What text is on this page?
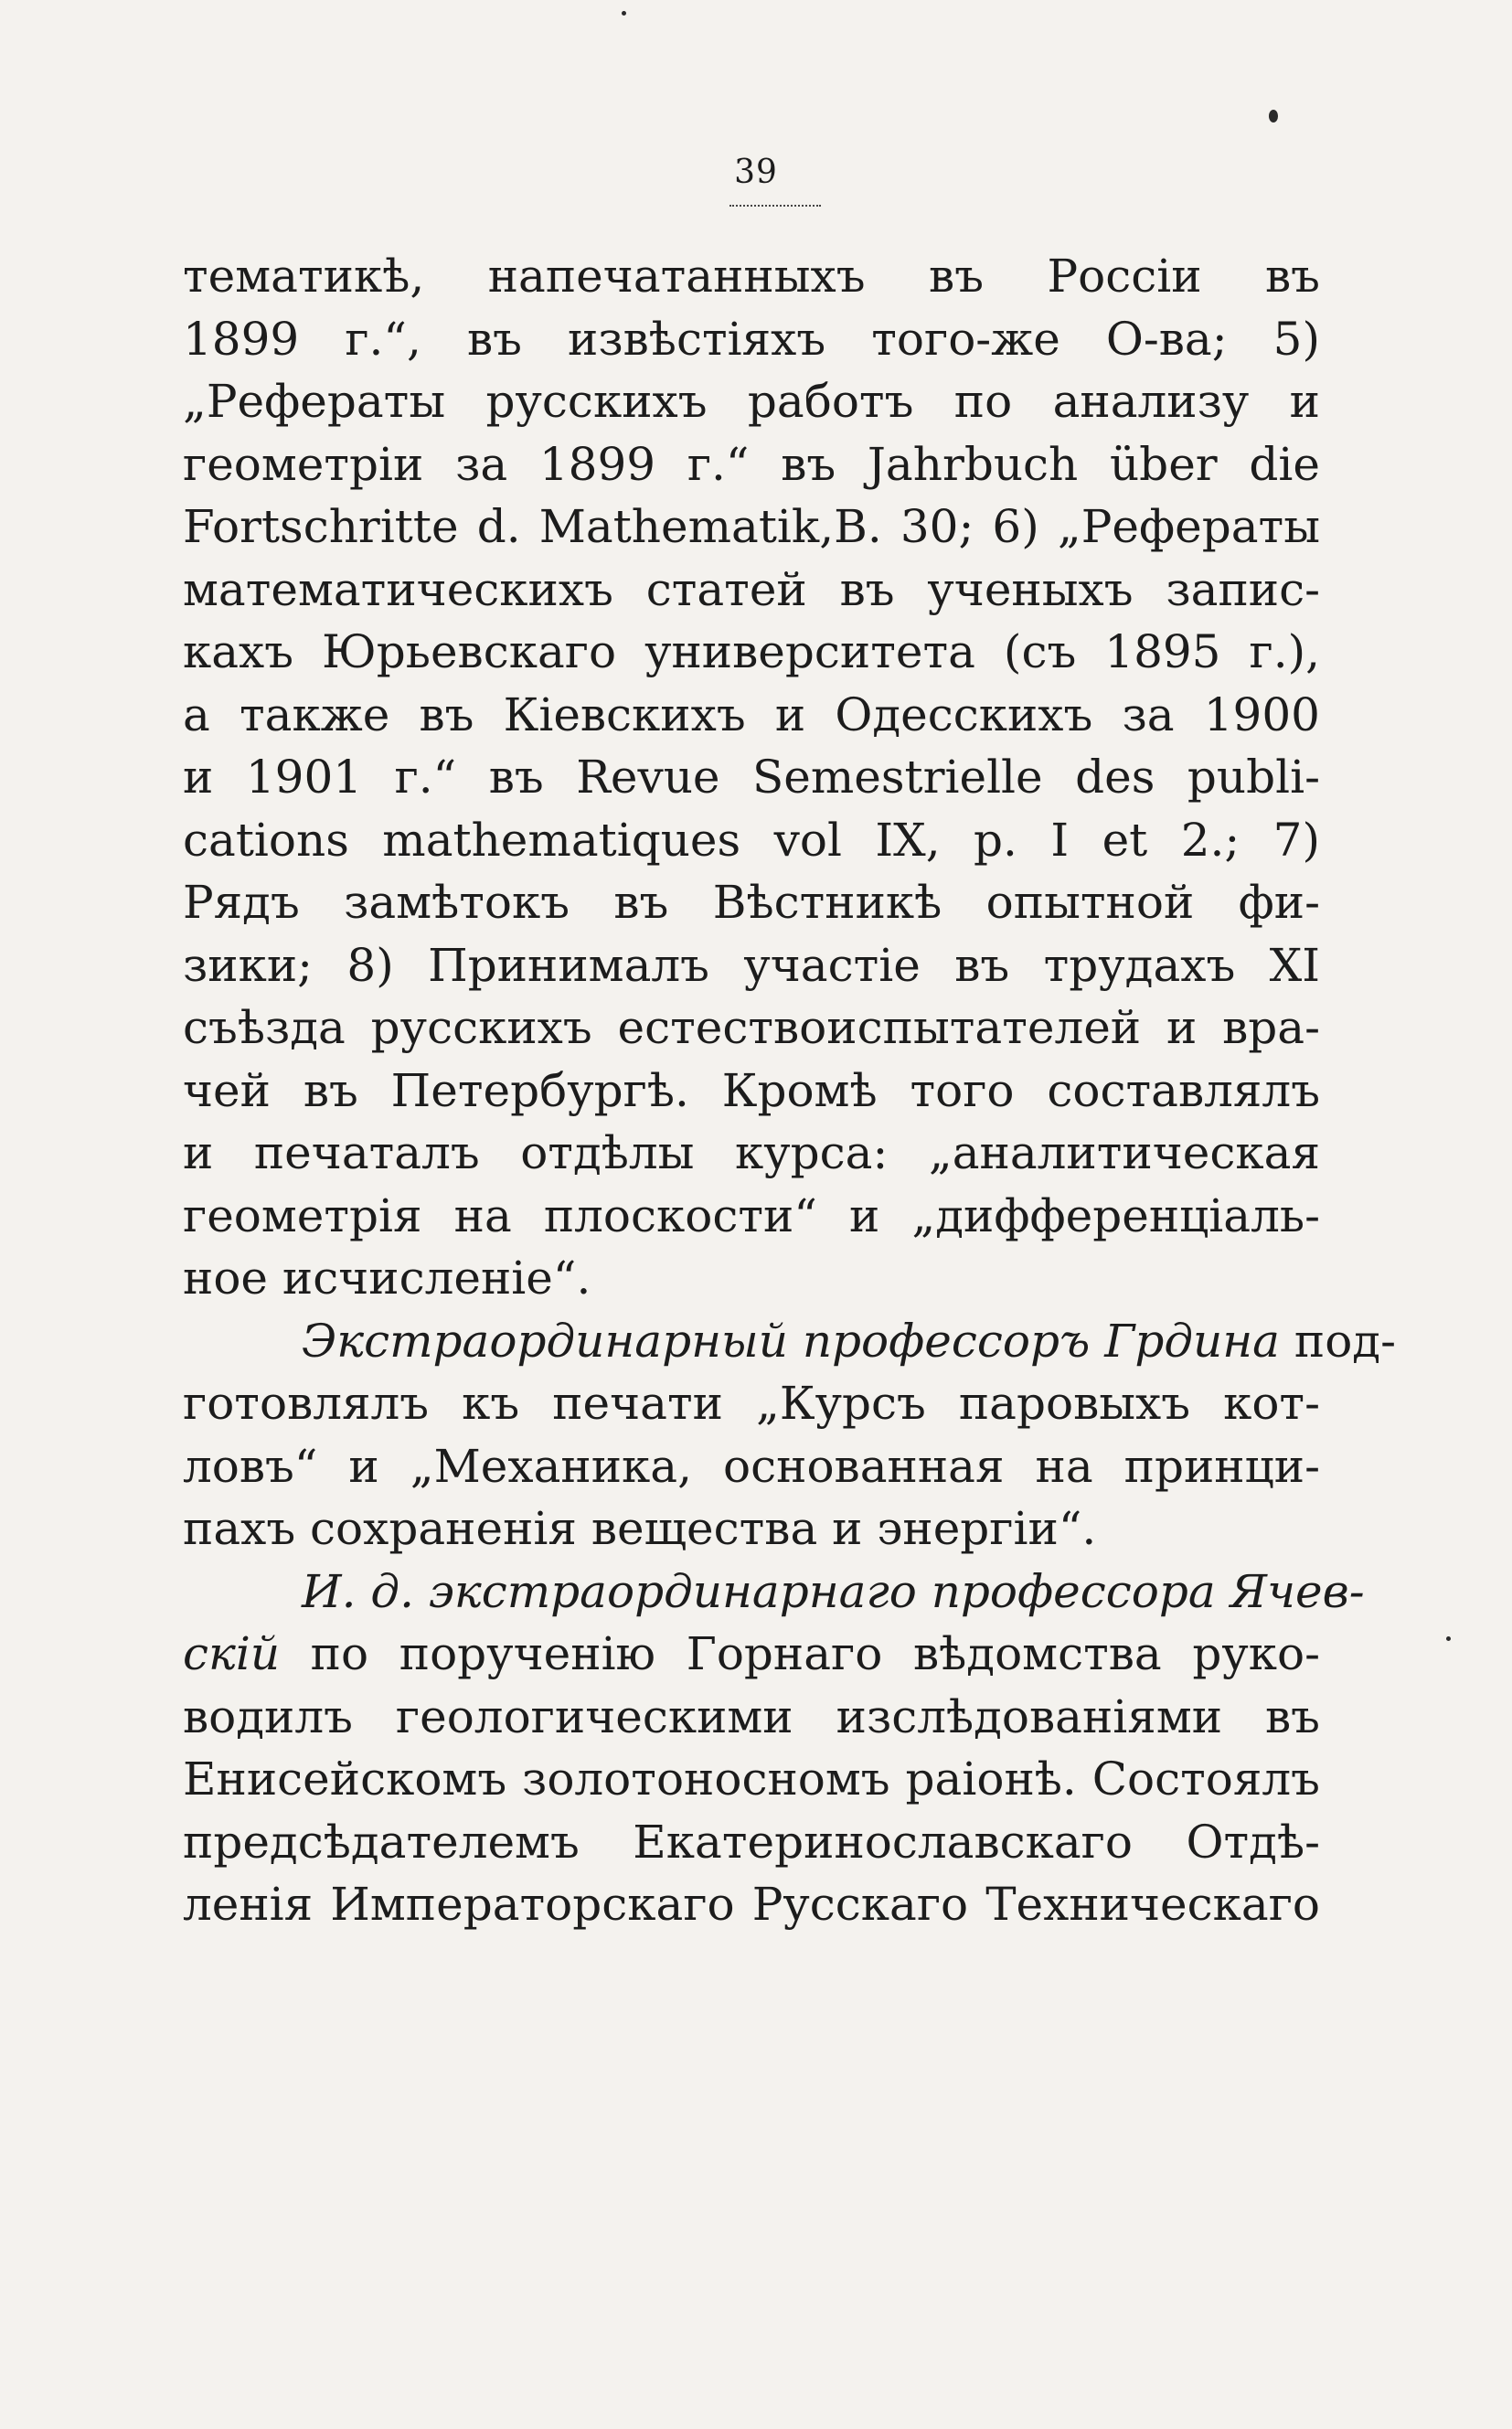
39
тематикѣ, напечатанныхъ въ Россіи въ
1899 г.“, въ извѣстіяхъ того-же О-ва; 5)
„Рефераты русскихъ работъ по анализу и
геометріи за 1899 г.“ въ Jahrbuch über die
Fortschritte d. Mathematik,B. 30; 6) „Рефераты
математическихъ статей въ ученыхъ запис-
кахъ Юрьевскаго университета (съ 1895 г.),
а также въ Кіевскихъ и Одесскихъ за 1900
и 1901 г.“ въ Revue Semestrielle des publi-
cations mathematiques vol IX, p. I et 2.; 7)
Рядъ замѣтокъ въ Вѣстникѣ опытной фи-
зики; 8) Принималъ участіе въ трудахъ XI
съѣзда русскихъ естествоиспытателей и вра-
чей въ Петербургѣ. Кромѣ того составлялъ
и печаталъ отдѣлы курса: „аналитическая
геометрія на плоскости“ и „дифференціаль-
ное исчисленіе“.
Экстраординарный профессоръ Грдина под-
готовлялъ къ печати „Курсъ паровыхъ кот-
ловъ“ и „Механика, основанная на принци-
пахъ сохраненія вещества и энергіи“.
И. д. экстраординарнаго профессора Ячев-
скій по порученію Горнаго вѣдомства руко-
водилъ геологическими изслѣдованіями въ
Енисейскомъ золотоносномъ раіонѣ. Состоялъ
предсѣдателемъ Екатеринославскаго Отдѣ-
ленія Императорскаго Русскаго Техническаго
